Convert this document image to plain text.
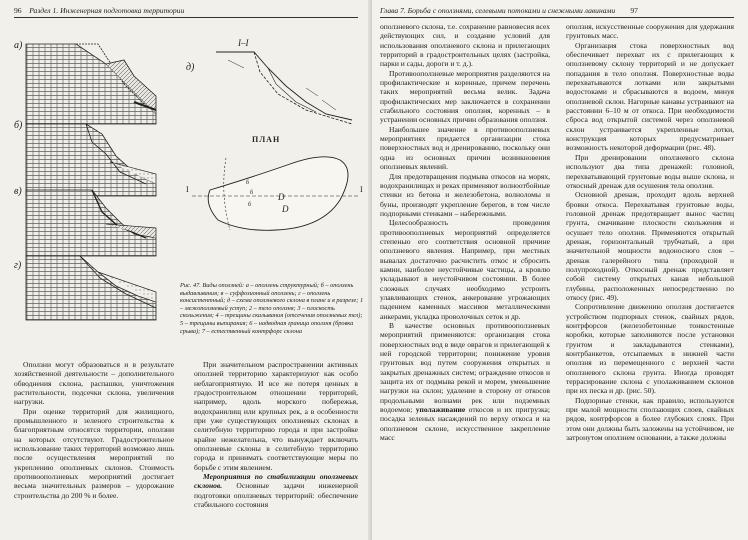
96 Раздел 1. Инженерная подготовка территории
а)
б)
в)
г)
д)
I–I
ПЛАН
I	I
D
D
б
б
б
Рис. 47. Виды оползней: а – оползень структурный; б – оползень выдавливания; в – суффозионный оползень; г – оползень консистентный; д – схема оползневого склона в плане и в разрезе; 1 – межоползневый уступ; 2 – тело оползня; 3 – плоскость скольжения; 4 – трещины скалывания (отсечения оползневых тел); 5 – трещины выпирания; 6 – надводная граница оползня (бровка срыва); 7 – естественный контрфорс склона

Оползни могут образоваться и в результате хозяйственной деятельности – дополнительного обводнения склона, распашки, уничтожения растительности, подсечки склона, увеличения нагрузки.

При оценке территорий для жилищного, промышленного и зеленого строительства к благоприятным относятся территории, оползни на которых отсутствуют. Градостроительное использование таких территорий возможно лишь после осуществления мероприятий по укреплению оползневых склонов. Стоимость противооползневых мероприятий достигает весьма значительных размеров – удорожание строительства до 200 % и более.

При значительном распространении активных оползней территорию характеризуют как особо неблагоприятную. И все же потеря ценных в градостроительном отношении территорий, например, вдоль морского побережья, водохранилищ или крупных рек, а в особенности при уже существующих оползневых склонах в селитебную территорию города и при застройке крайне нежелательна, что вынуждает включать оползневые склоны в селитебную территорию города и принимать соответствующие меры по борьбе с этим явлением.

Мероприятия по стабилизации оползневых склонов. Основные задачи инженерной подготовки оползневых территорий: обеспечение стабильного состояния

Глава 7. Борьба с оползнями, селевыми потоками и снежными лавинами 97

оползневого склона, т.е. сохранение равновесия всех действующих сил, и создание условий для использования оползневого склона и прилегающих территорий в градостроительных целях (застройка, парки и сады, дороги и т. д.).

Противооползневые мероприятия разделяются на профилактические и коренные, причем перечень таких мероприятий весьма велик. Задача профилактических мер заключается в сохранении стабильного состояния оползня, коренных – в устранении основных причин образования оползня.

Наибольшее значение в противооползневых мероприятиях придается организации стока поверхностных вод и дренированию, поскольку они одна из основных причин возникновения оползневых явлений.

Для предотвращения подмыва откосов на морях, водохранилищах и реках применяют волноотбойные стенки из бетона и железобетона, волноломы и буны, производят укрепление берегов, в том числе подпорными стенками – набережными.

Целесообразность проведения противооползневых мероприятий определяется степенью его соответствия основной причине оползневого явления. Например, при местных вывалах достаточно расчистить откос и сбросить камни, наиболее неустойчивые частицы, а кровлю укладывают в неустойчивом состоянии. В более сложных случаях необходимо устроить улавливающих стенок, анкерование угрожающих падением каменных массивов металлическими анкерами, укладка проволочных сеток и др.

В качестве основных противооползневых мероприятий применяются: организация стока поверхностных вод в виде оврагов и прилегающей к ней городской территории; понижение уровня грунтовых вод путем сооружения открытых и закрытых дренажных систем; ограждение откосов и защита их от подмыва рекой и морем, уменьшение нагрузки на склон; удаление в сторону от откосов продольными волнами рек или подземных водоемов; уполаживание откосов и их пригрузка; посадка зеленых насаждений по верху откоса и на оползневом склоне, искусственное закрепление масс

оползня, искусственные сооружения для удержания грунтовых масс.

Организация стока поверхностных вод обеспечивает перехват их с прилегающих к оползневому склону территорий и не допускает попадания в тело оползня. Поверхностные воды перехватываются лотками или закрытыми водостоками и сбрасываются в водоем, минуя оползневой склон. Нагорные канавы устраивают на расстоянии 6–10 м от откоса. При необходимости сброса вод открытой системой через оползневой склон устраивается укрепленные лотки, конструкция которых предусматривает возможность некоторой деформации (рис. 48).

При дренировании оползневого склона используют два типа дренажей: головной, перехватывающий грунтовые воды выше склона, и откосный дренаж для осушения тела оползня.

Основной дренаж, проходит вдоль верхней бровки откоса. Перехватывая грунтовые воды, головной дренаж предотвращает вынос частиц грунта, смачивание плоскости скольжения и осушает тело оползня. Применяются открытый дренаж, горизонтальный трубчатый, а при значительной мощности водоносного слоя – дренаж галерейного типа (проходной и полупроходной). Откосный дренаж представляет собой систему открытых канав небольшой глубины, расположенных непосредственно по откосу (рис. 49).

Сопротивление движению оползня достигается устройством подпорных стенок, свайных рядов, контрфорсов (железобетонные тонкостенные коробки, которые заполняются после установки грунтом и закладываются стенками), контрбанкетов, отсыпаемых в нижней части оползня из перемещенного с верхней части оползневого склона грунта. Иногда проводят террасирование склона с уполаживанием склонов при их песка и др. (рис. 50).

Подпорные стенки, как правило, используются при малой мощности сползающих слоев, свайных рядов, контрфорсов в более глубоких слоях. При этом они должны быть заложены на устойчивом, не затронутом оползнем основании, а также должны
